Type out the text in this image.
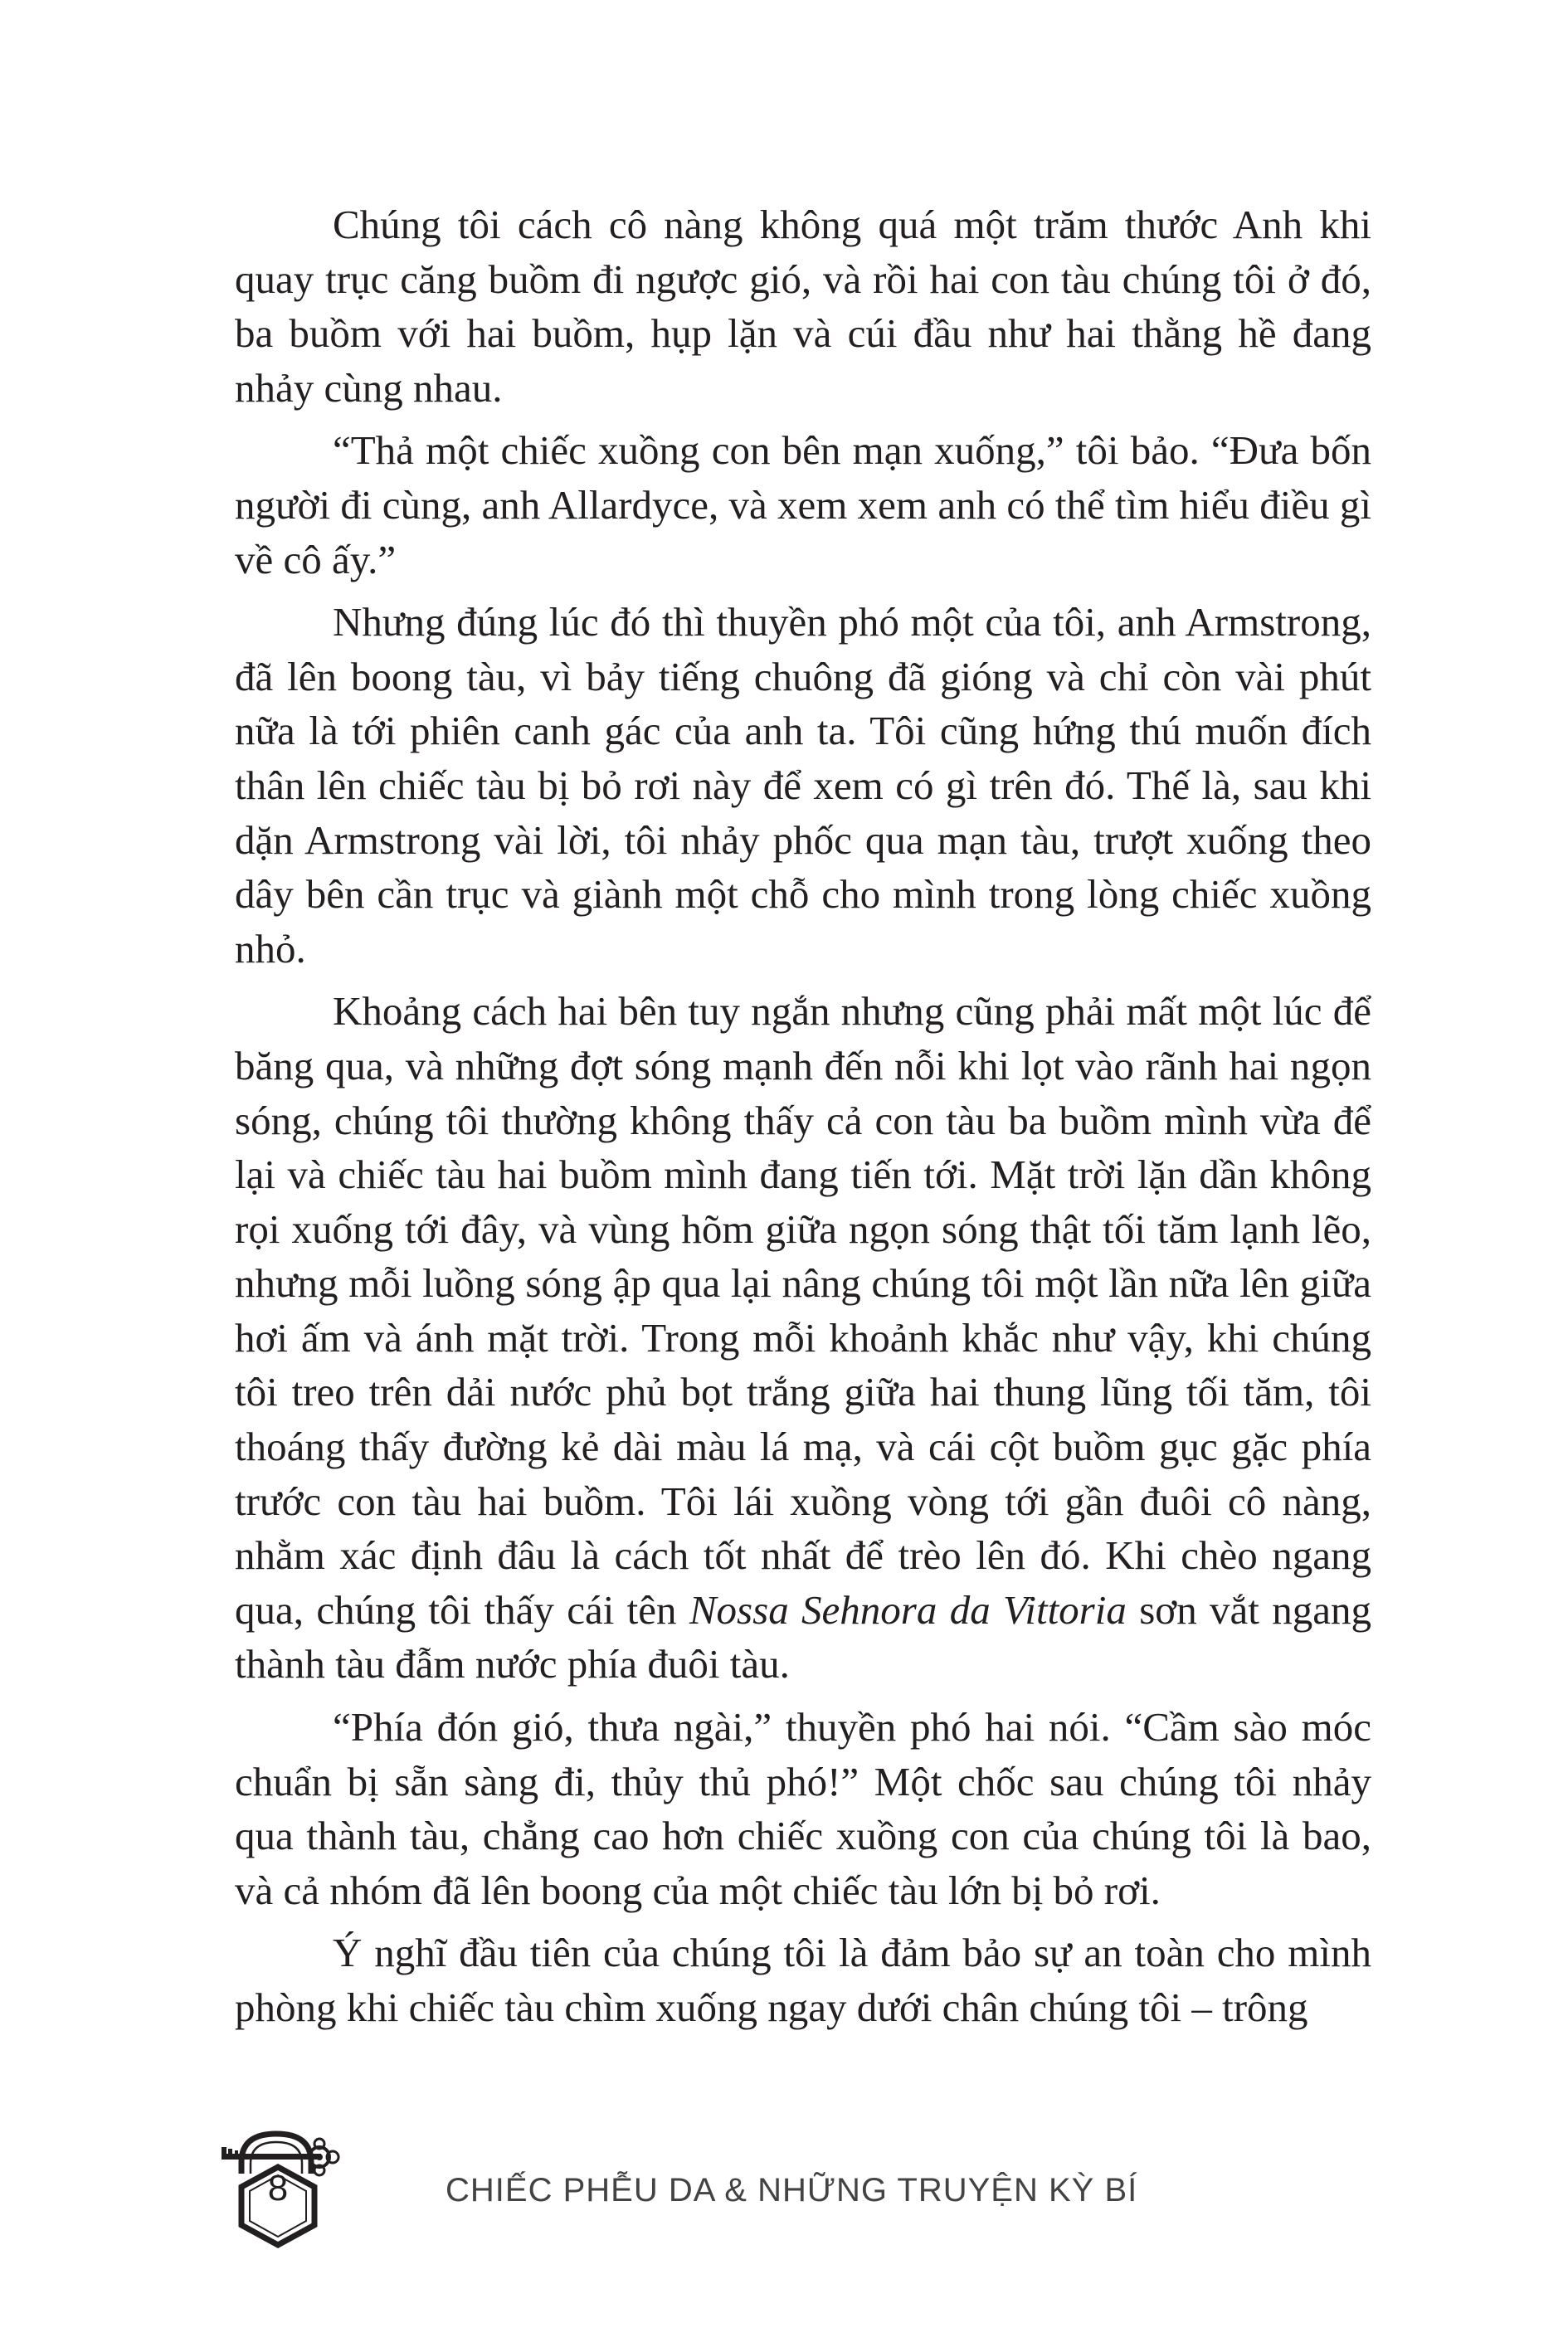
Chúng tôi cách cô nàng không quá một trăm thước Anh khi quay trục căng buồm đi ngược gió, và rồi hai con tàu chúng tôi ở đó, ba buồm với hai buồm, hụp lặn và cúi đầu như hai thằng hề đang nhảy cùng nhau.

“Thả một chiếc xuồng con bên mạn xuống,” tôi bảo. “Đưa bốn người đi cùng, anh Allardyce, và xem xem anh có thể tìm hiểu điều gì về cô ấy.”

Nhưng đúng lúc đó thì thuyền phó một của tôi, anh Armstrong, đã lên boong tàu, vì bảy tiếng chuông đã gióng và chỉ còn vài phút nữa là tới phiên canh gác của anh ta. Tôi cũng hứng thú muốn đích thân lên chiếc tàu bị bỏ rơi này để xem có gì trên đó. Thế là, sau khi dặn Armstrong vài lời, tôi nhảy phốc qua mạn tàu, trượt xuống theo dây bên cần trục và giành một chỗ cho mình trong lòng chiếc xuồng nhỏ.

Khoảng cách hai bên tuy ngắn nhưng cũng phải mất một lúc để băng qua, và những đợt sóng mạnh đến nỗi khi lọt vào rãnh hai ngọn sóng, chúng tôi thường không thấy cả con tàu ba buồm mình vừa để lại và chiếc tàu hai buồm mình đang tiến tới. Mặt trời lặn dần không rọi xuống tới đây, và vùng hõm giữa ngọn sóng thật tối tăm lạnh lẽo, nhưng mỗi luồng sóng ập qua lại nâng chúng tôi một lần nữa lên giữa hơi ấm và ánh mặt trời. Trong mỗi khoảnh khắc như vậy, khi chúng tôi treo trên dải nước phủ bọt trắng giữa hai thung lũng tối tăm, tôi thoáng thấy đường kẻ dài màu lá mạ, và cái cột buồm gục gặc phía trước con tàu hai buồm. Tôi lái xuồng vòng tới gần đuôi cô nàng, nhằm xác định đâu là cách tốt nhất để trèo lên đó. Khi chèo ngang qua, chúng tôi thấy cái tên Nossa Sehnora da Vittoria sơn vắt ngang thành tàu đẫm nước phía đuôi tàu.

“Phía đón gió, thưa ngài,” thuyền phó hai nói. “Cầm sào móc chuẩn bị sẵn sàng đi, thủy thủ phó!” Một chốc sau chúng tôi nhảy qua thành tàu, chẳng cao hơn chiếc xuồng con của chúng tôi là bao, và cả nhóm đã lên boong của một chiếc tàu lớn bị bỏ rơi.

Ý nghĩ đầu tiên của chúng tôi là đảm bảo sự an toàn cho mình phòng khi chiếc tàu chìm xuống ngay dưới chân chúng tôi – trông

8	CHIẾC PHỄU DA & NHỮNG TRUYỆN KỲ BÍ
